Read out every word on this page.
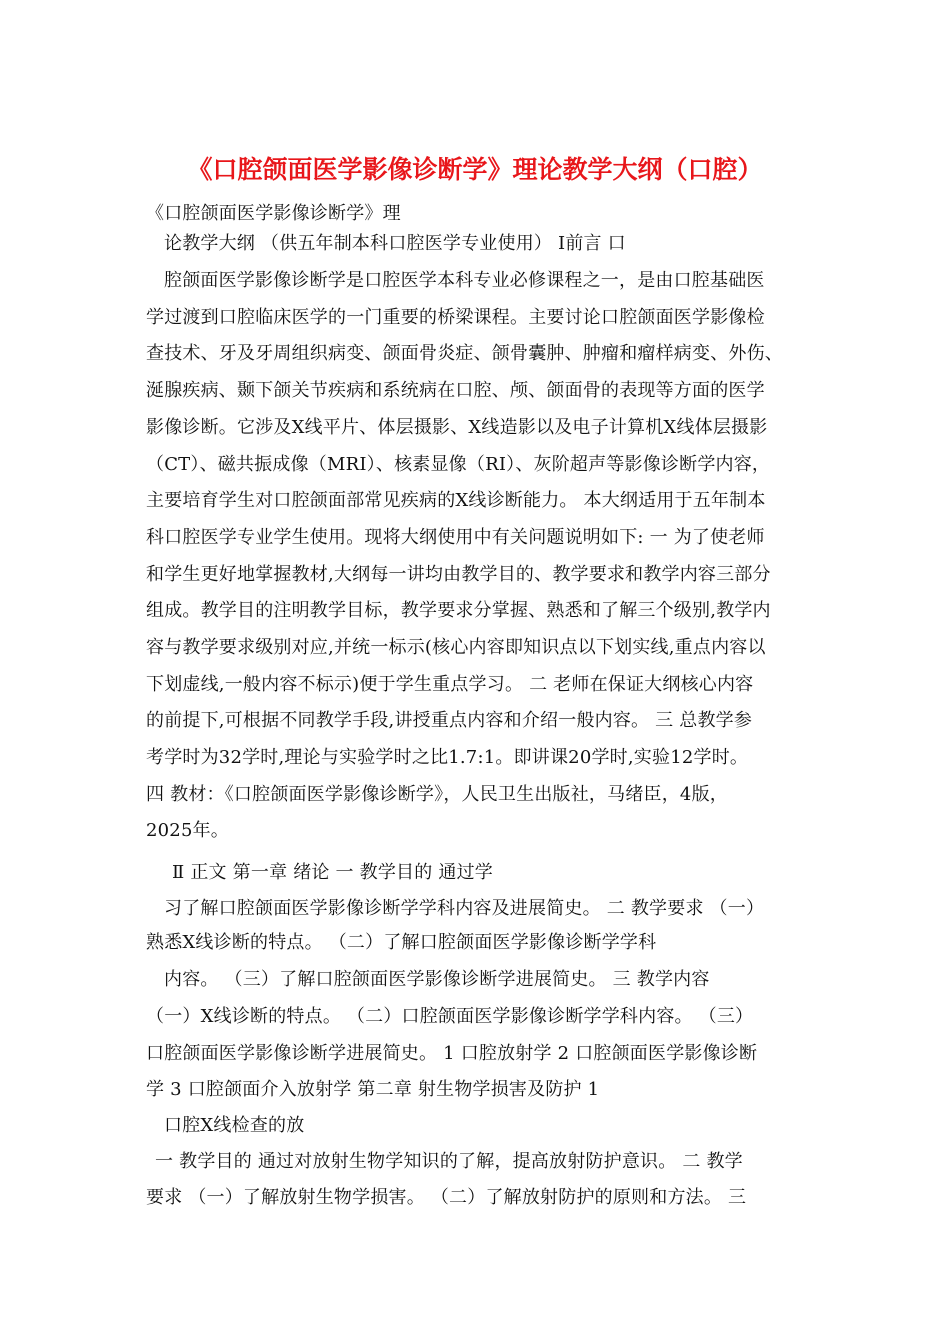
《口腔颌面医学影像诊断学》理论教学大纲（口腔）
《口腔颌面医学影像诊断学》理
论教学大纲 （供五年制本科口腔医学专业使用） Ⅰ前言 口
腔颌面医学影像诊断学是口腔医学本科专业必修课程之一，是由口腔基础医
学过渡到口腔临床医学的一门重要的桥梁课程。主要讨论口腔颌面医学影像检
查技术、牙及牙周组织病变、颌面骨炎症、颌骨囊肿、肿瘤和瘤样病变、外伤、
涎腺疾病、颞下颌关节疾病和系统病在口腔、颅、颌面骨的表现等方面的医学
影像诊断。它涉及X线平片、体层摄影、X线造影以及电子计算机X线体层摄影
（CT）、磁共振成像（MRI）、核素显像（RI）、灰阶超声等影像诊断学内容，
主要培育学生对口腔颌面部常见疾病的X线诊断能力。 本大纲适用于五年制本
科口腔医学专业学生使用。现将大纲使用中有关问题说明如下: 一 为了使老师
和学生更好地掌握教材,大纲每一讲均由教学目的、教学要求和教学内容三部分
组成。教学目的注明教学目标，教学要求分掌握、熟悉和了解三个级别,教学内
容与教学要求级别对应,并统一标示(核心内容即知识点以下划实线,重点内容以
下划虚线,一般内容不标示)便于学生重点学习。 二 老师在保证大纲核心内容
的前提下,可根据不同教学手段,讲授重点内容和介绍一般内容。 三 总教学参
考学时为32学时,理论与实验学时之比1.7:1。即讲课20学时,实验12学时。
四 教材：《口腔颌面医学影像诊断学》，人民卫生出版社，马绪臣，4版，
2025年。
Ⅱ 正文 第一章 绪论 一 教学目的 通过学
习了解口腔颌面医学影像诊断学学科内容及进展简史。 二 教学要求 （一）
熟悉X线诊断的特点。 （二）了解口腔颌面医学影像诊断学学科
内容。 （三）了解口腔颌面医学影像诊断学进展简史。 三 教学内容
（一）X线诊断的特点。 （二）口腔颌面医学影像诊断学学科内容。 （三）
口腔颌面医学影像诊断学进展简史。 1 口腔放射学 2 口腔颌面医学影像诊断
学 3 口腔颌面介入放射学 第二章 射生物学损害及防护 1
口腔X线检查的放
一 教学目的 通过对放射生物学知识的了解，提高放射防护意识。 二 教学
要求 （一）了解放射生物学损害。 （二）了解放射防护的原则和方法。 三
